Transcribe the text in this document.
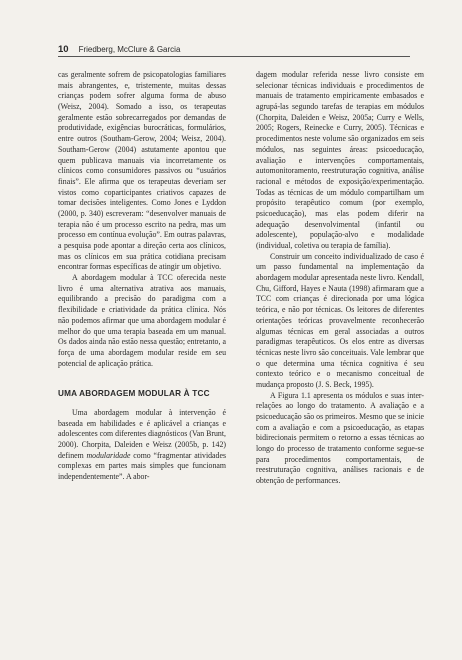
10 Friedberg, McClure & Garcia

cas geralmente sofrem de psicopatologias familiares mais abrangentes, e, tristemente, muitas dessas crianças podem sofrer alguma forma de abuso (Weisz, 2004). Somado a isso, os terapeutas geralmente estão sobrecarregados por demandas de produtividade, exigências burocráticas, formulários, entre outros (Southam-Gerow, 2004; Weisz, 2004). Southam-Gerow (2004) astutamente apontou que quem publicava manuais via incorretamente os clínicos como consumidores passivos ou “usuários finais”. Ele afirma que os terapeutas deveriam ser vistos como coparticipantes criativos capazes de tomar decisões inteligentes. Como Jones e Lyddon (2000, p. 340) escreveram: “desenvolver manuais de terapia não é um processo escrito na pedra, mas um processo em contínua evolução”. Em outras palavras, a pesquisa pode apontar a direção certa aos clínicos, mas os clínicos em sua prática cotidiana precisam encontrar formas específicas de atingir um objetivo.

A abordagem modular à TCC oferecida neste livro é uma alternativa atrativa aos manuais, equilibrando a precisão do paradigma com a flexibilidade e criatividade da prática clínica. Nós não podemos afirmar que uma abordagem modular é melhor do que uma terapia baseada em um manual. Os dados ainda não estão nessa questão; entretanto, a força de uma abordagem modular reside em seu potencial de aplicação prática.

UMA ABORDAGEM MODULAR À TCC

Uma abordagem modular à intervenção é baseada em habilidades e é aplicável a crianças e adolescentes com diferentes diagnósticos (Van Brunt, 2000). Chorpita, Daleiden e Weisz (2005b, p. 142) definem modularidade como “fragmentar atividades complexas em partes mais simples que funcionam independentemente”. A abor-

dagem modular referida nesse livro consiste em selecionar técnicas individuais e procedimentos de manuais de tratamento empiricamente embasados e agrupá-las segundo tarefas de terapias em módulos (Chorpita, Daleiden e Weisz, 2005a; Curry e Wells, 2005; Rogers, Reinecke e Curry, 2005). Técnicas e procedimentos neste volume são organizados em seis módulos, nas seguintes áreas: psicoeducação, avaliação e intervenções comportamentais, automonitoramento, reestruturação cognitiva, análise racional e métodos de exposição/experimentação. Todas as técnicas de um módulo compartilham um propósito terapêutico comum (por exemplo, psicoeducação), mas elas podem diferir na adequação desenvolvimental (infantil ou adolescente), população-alvo e modalidade (individual, coletiva ou terapia de família).

Construir um conceito individualizado de caso é um passo fundamental na implementação da abordagem modular apresentada neste livro. Kendall, Chu, Gifford, Hayes e Nauta (1998) afirmaram que a TCC com crianças é direcionada por uma lógica teórica, e não por técnicas. Os leitores de diferentes orientações teóricas provavelmente reconhecerão algumas técnicas em geral associadas a outros paradigmas terapêuticos. Os elos entre as diversas técnicas neste livro são conceituais. Vale lembrar que o que determina uma técnica cognitiva é seu contexto teórico e o mecanismo conceitual de mudança proposto (J. S. Beck, 1995).

A Figura 1.1 apresenta os módulos e suas inter-relações ao longo do tratamento. A avaliação e a psicoeducação são os primeiros. Mesmo que se inicie com a avaliação e com a psicoeducação, as etapas bidirecionais permitem o retorno a essas técnicas ao longo do processo de tratamento conforme segue-se para procedimentos comportamentais, de reestruturação cognitiva, análises racionais e de obtenção de performances.
